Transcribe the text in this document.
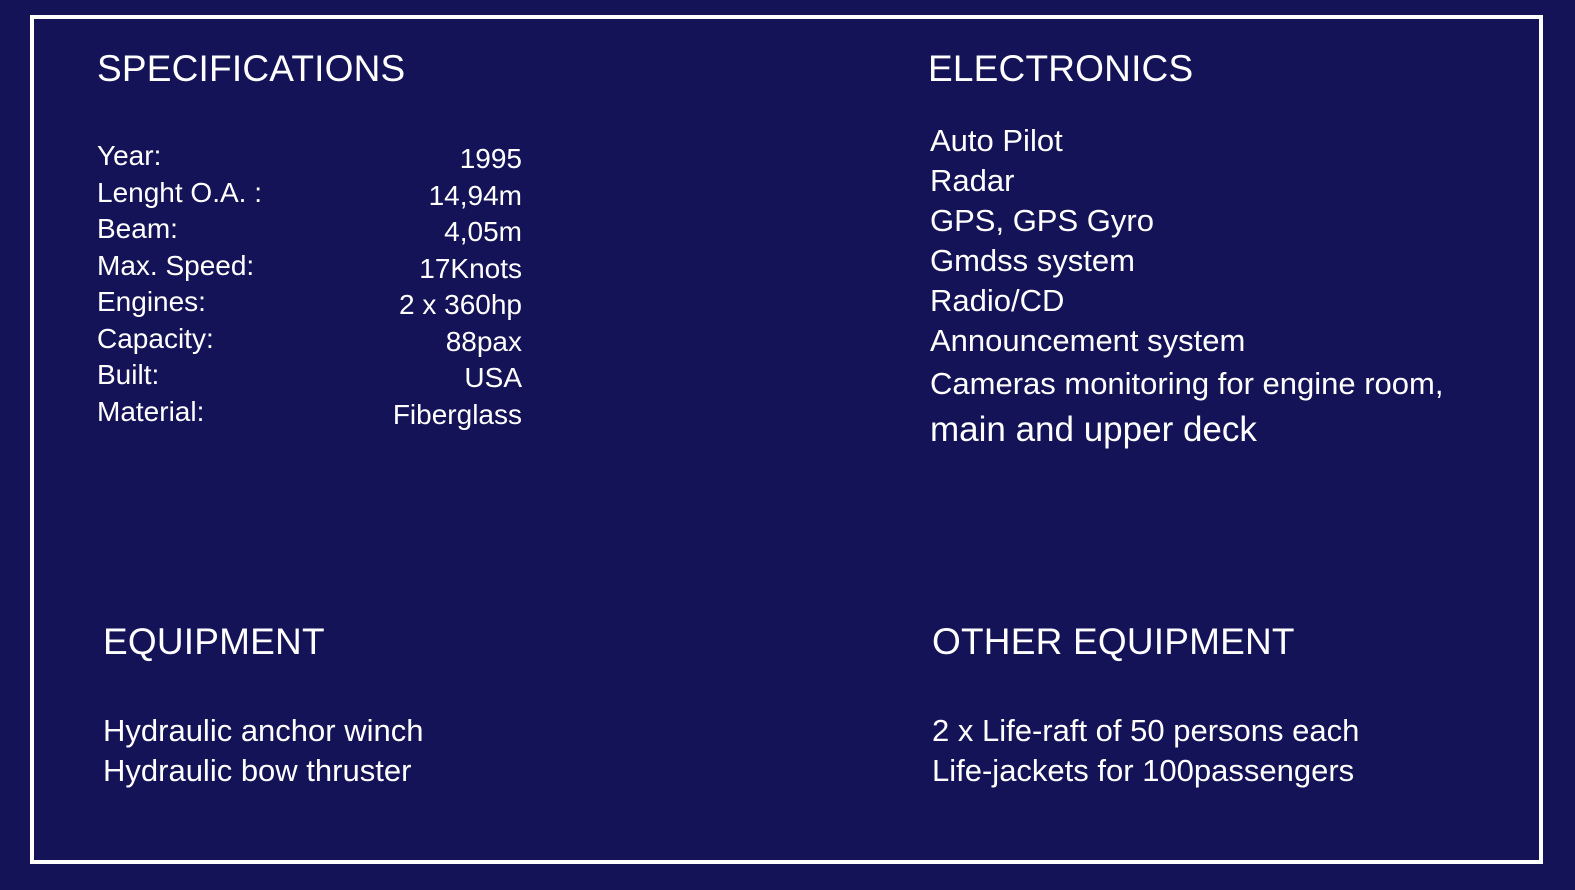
SPECIFICATIONS
Year:	1995
Lenght O.A. :	14,94m
Beam:	4,05m
Max. Speed:	17Knots
Engines:	2 x 360hp
Capacity:	88pax
Built:	USA
Material:	Fiberglass
ELECTRONICS
Auto Pilot
Radar
GPS, GPS Gyro
Gmdss system
Radio/CD
Announcement system
Cameras monitoring for engine room,
main and upper deck
EQUIPMENT
Hydraulic anchor winch
Hydraulic bow thruster
OTHER EQUIPMENT
2 x Life-raft of 50 persons each
Life-jackets for 100passengers
